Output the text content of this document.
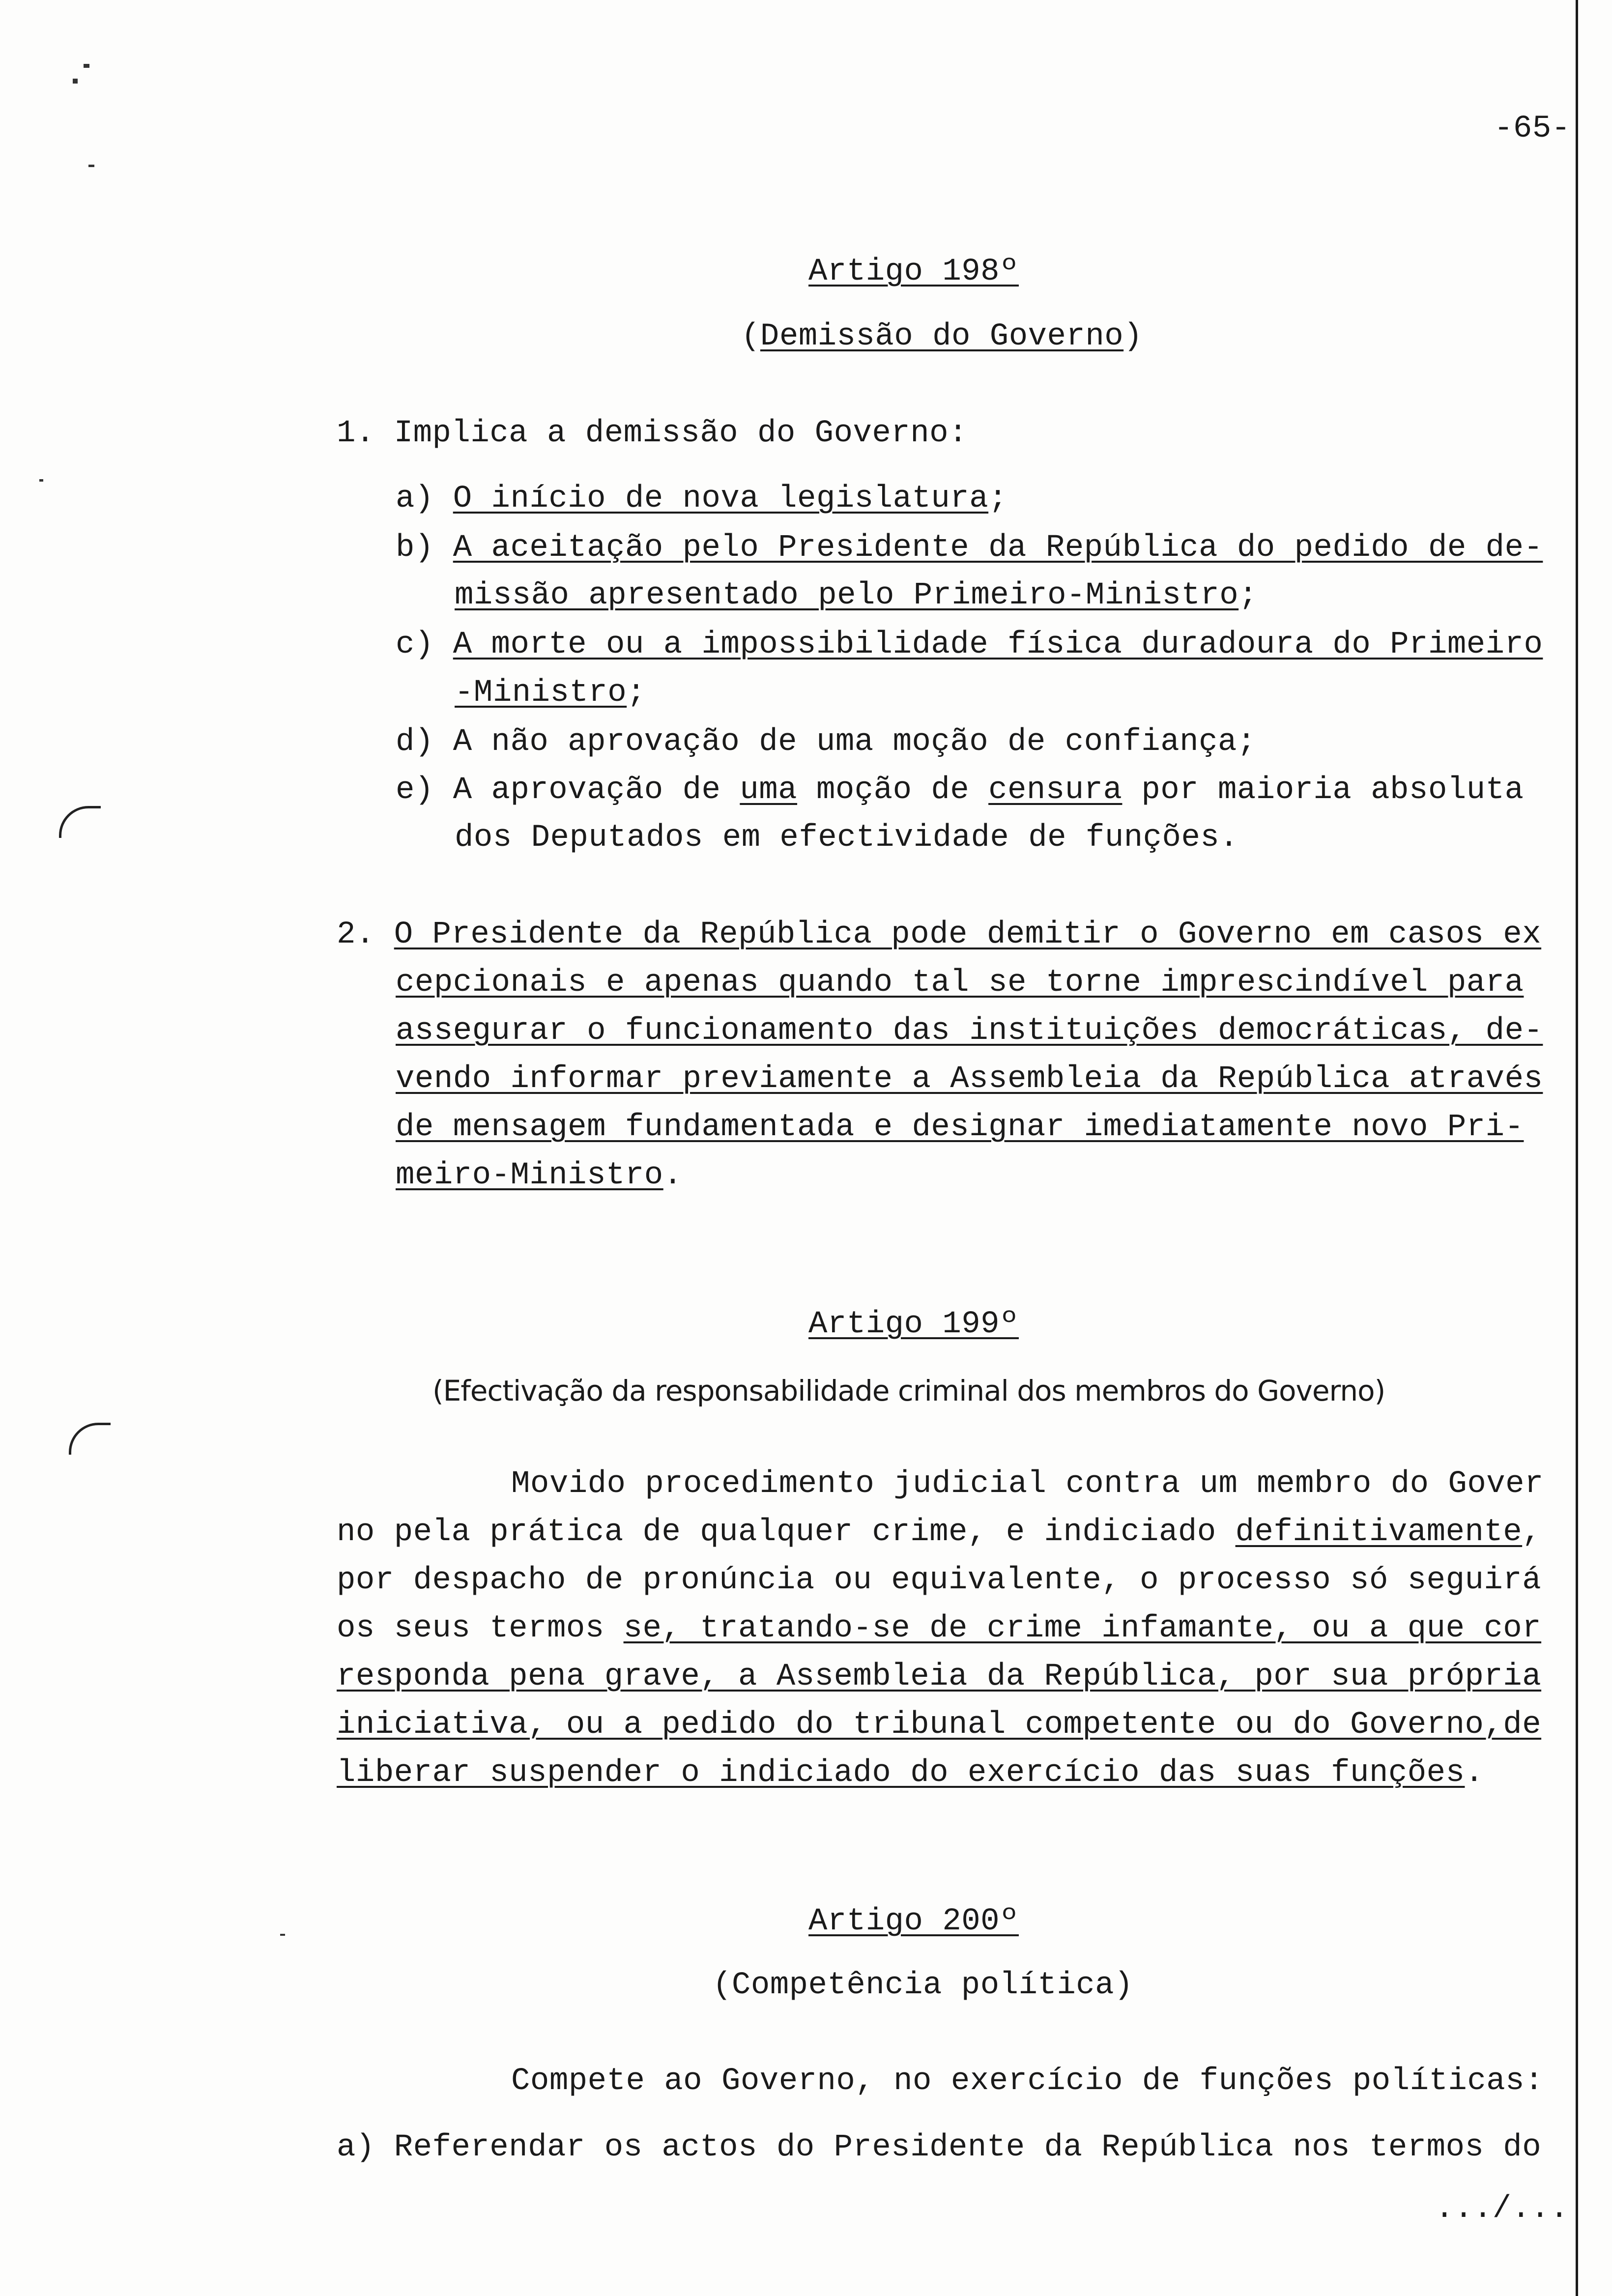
-65-
Artigo 198º
(Demissão do Governo)
1. Implica a demissão do Governo:
a) O início de nova legislatura;
b) A aceitação pelo Presidente da República do pedido de de-
missão apresentado pelo Primeiro-Ministro;
c) A morte ou a impossibilidade física duradoura do Primeiro
-Ministro;
d) A não aprovação de uma moção de confiança;
e) A aprovação de uma moção de censura por maioria absoluta
dos Deputados em efectividade de funções.
2. O Presidente da República pode demitir o Governo em casos ex
cepcionais e apenas quando tal se torne imprescindível para
assegurar o funcionamento das instituições democráticas, de-
vendo informar previamente a Assembleia da República através
de mensagem fundamentada e designar imediatamente novo Pri-
meiro-Ministro.
Artigo 199º
(Efectivação da responsabilidade criminal dos membros do Governo)
Movido procedimento judicial contra um membro do Gover
no pela prática de qualquer crime, e indiciado definitivamente,
por despacho de pronúncia ou equivalente, o processo só seguirá
os seus termos se, tratando-se de crime infamante, ou a que cor
responda pena grave, a Assembleia da República, por sua própria
iniciativa, ou a pedido do tribunal competente ou do Governo,de
liberar suspender o indiciado do exercício das suas funções.
Artigo 200º
(Competência política)
Compete ao Governo, no exercício de funções políticas:
a) Referendar os actos do Presidente da República nos termos do
.../...
